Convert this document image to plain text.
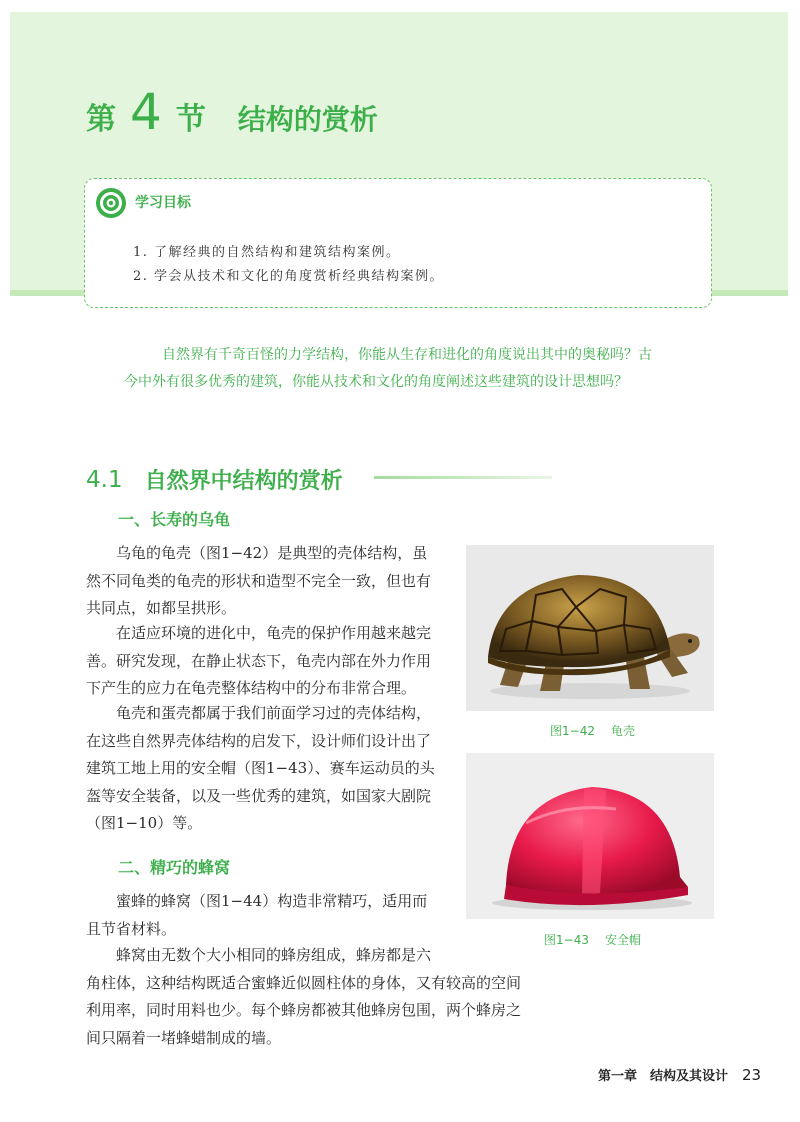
第 4 节 结构的赏析
学习目标
1. 了解经典的自然结构和建筑结构案例。
2. 学会从技术和文化的角度赏析经典结构案例。

自然界有千奇百怪的力学结构，你能从生存和进化的角度说出其中的奥秘吗？古

今中外有很多优秀的建筑，你能从技术和文化的角度阐述这些建筑的设计思想吗？

4.1 自然界中结构的赏析
一、长寿的乌龟

乌龟的龟壳（图1−42）是典型的壳体结构，虽
然不同龟类的龟壳的形状和造型不完全一致，但也有
共同点，如都呈拱形。

在适应环境的进化中，龟壳的保护作用越来越完
善。研究发现，在静止状态下，龟壳内部在外力作用
下产生的应力在龟壳整体结构中的分布非常合理。

龟壳和蛋壳都属于我们前面学习过的壳体结构，
在这些自然界壳体结构的启发下，设计师们设计出了
建筑工地上用的安全帽（图1−43）、赛车运动员的头
盔等安全装备，以及一些优秀的建筑，如国家大剧院
（图1−10）等。

二、精巧的蜂窝

蜜蜂的蜂窝（图1−44）构造非常精巧，适用而
且节省材料。

蜂窝由无数个大小相同的蜂房组成，蜂房都是六
角柱体，这种结构既适合蜜蜂近似圆柱体的身体，又有较高的空间
利用率，同时用料也少。每个蜂房都被其他蜂房包围，两个蜂房之
间只隔着一堵蜂蜡制成的墙。

图1−42 龟壳
图1−43 安全帽
第一章　结构及其设计 23
